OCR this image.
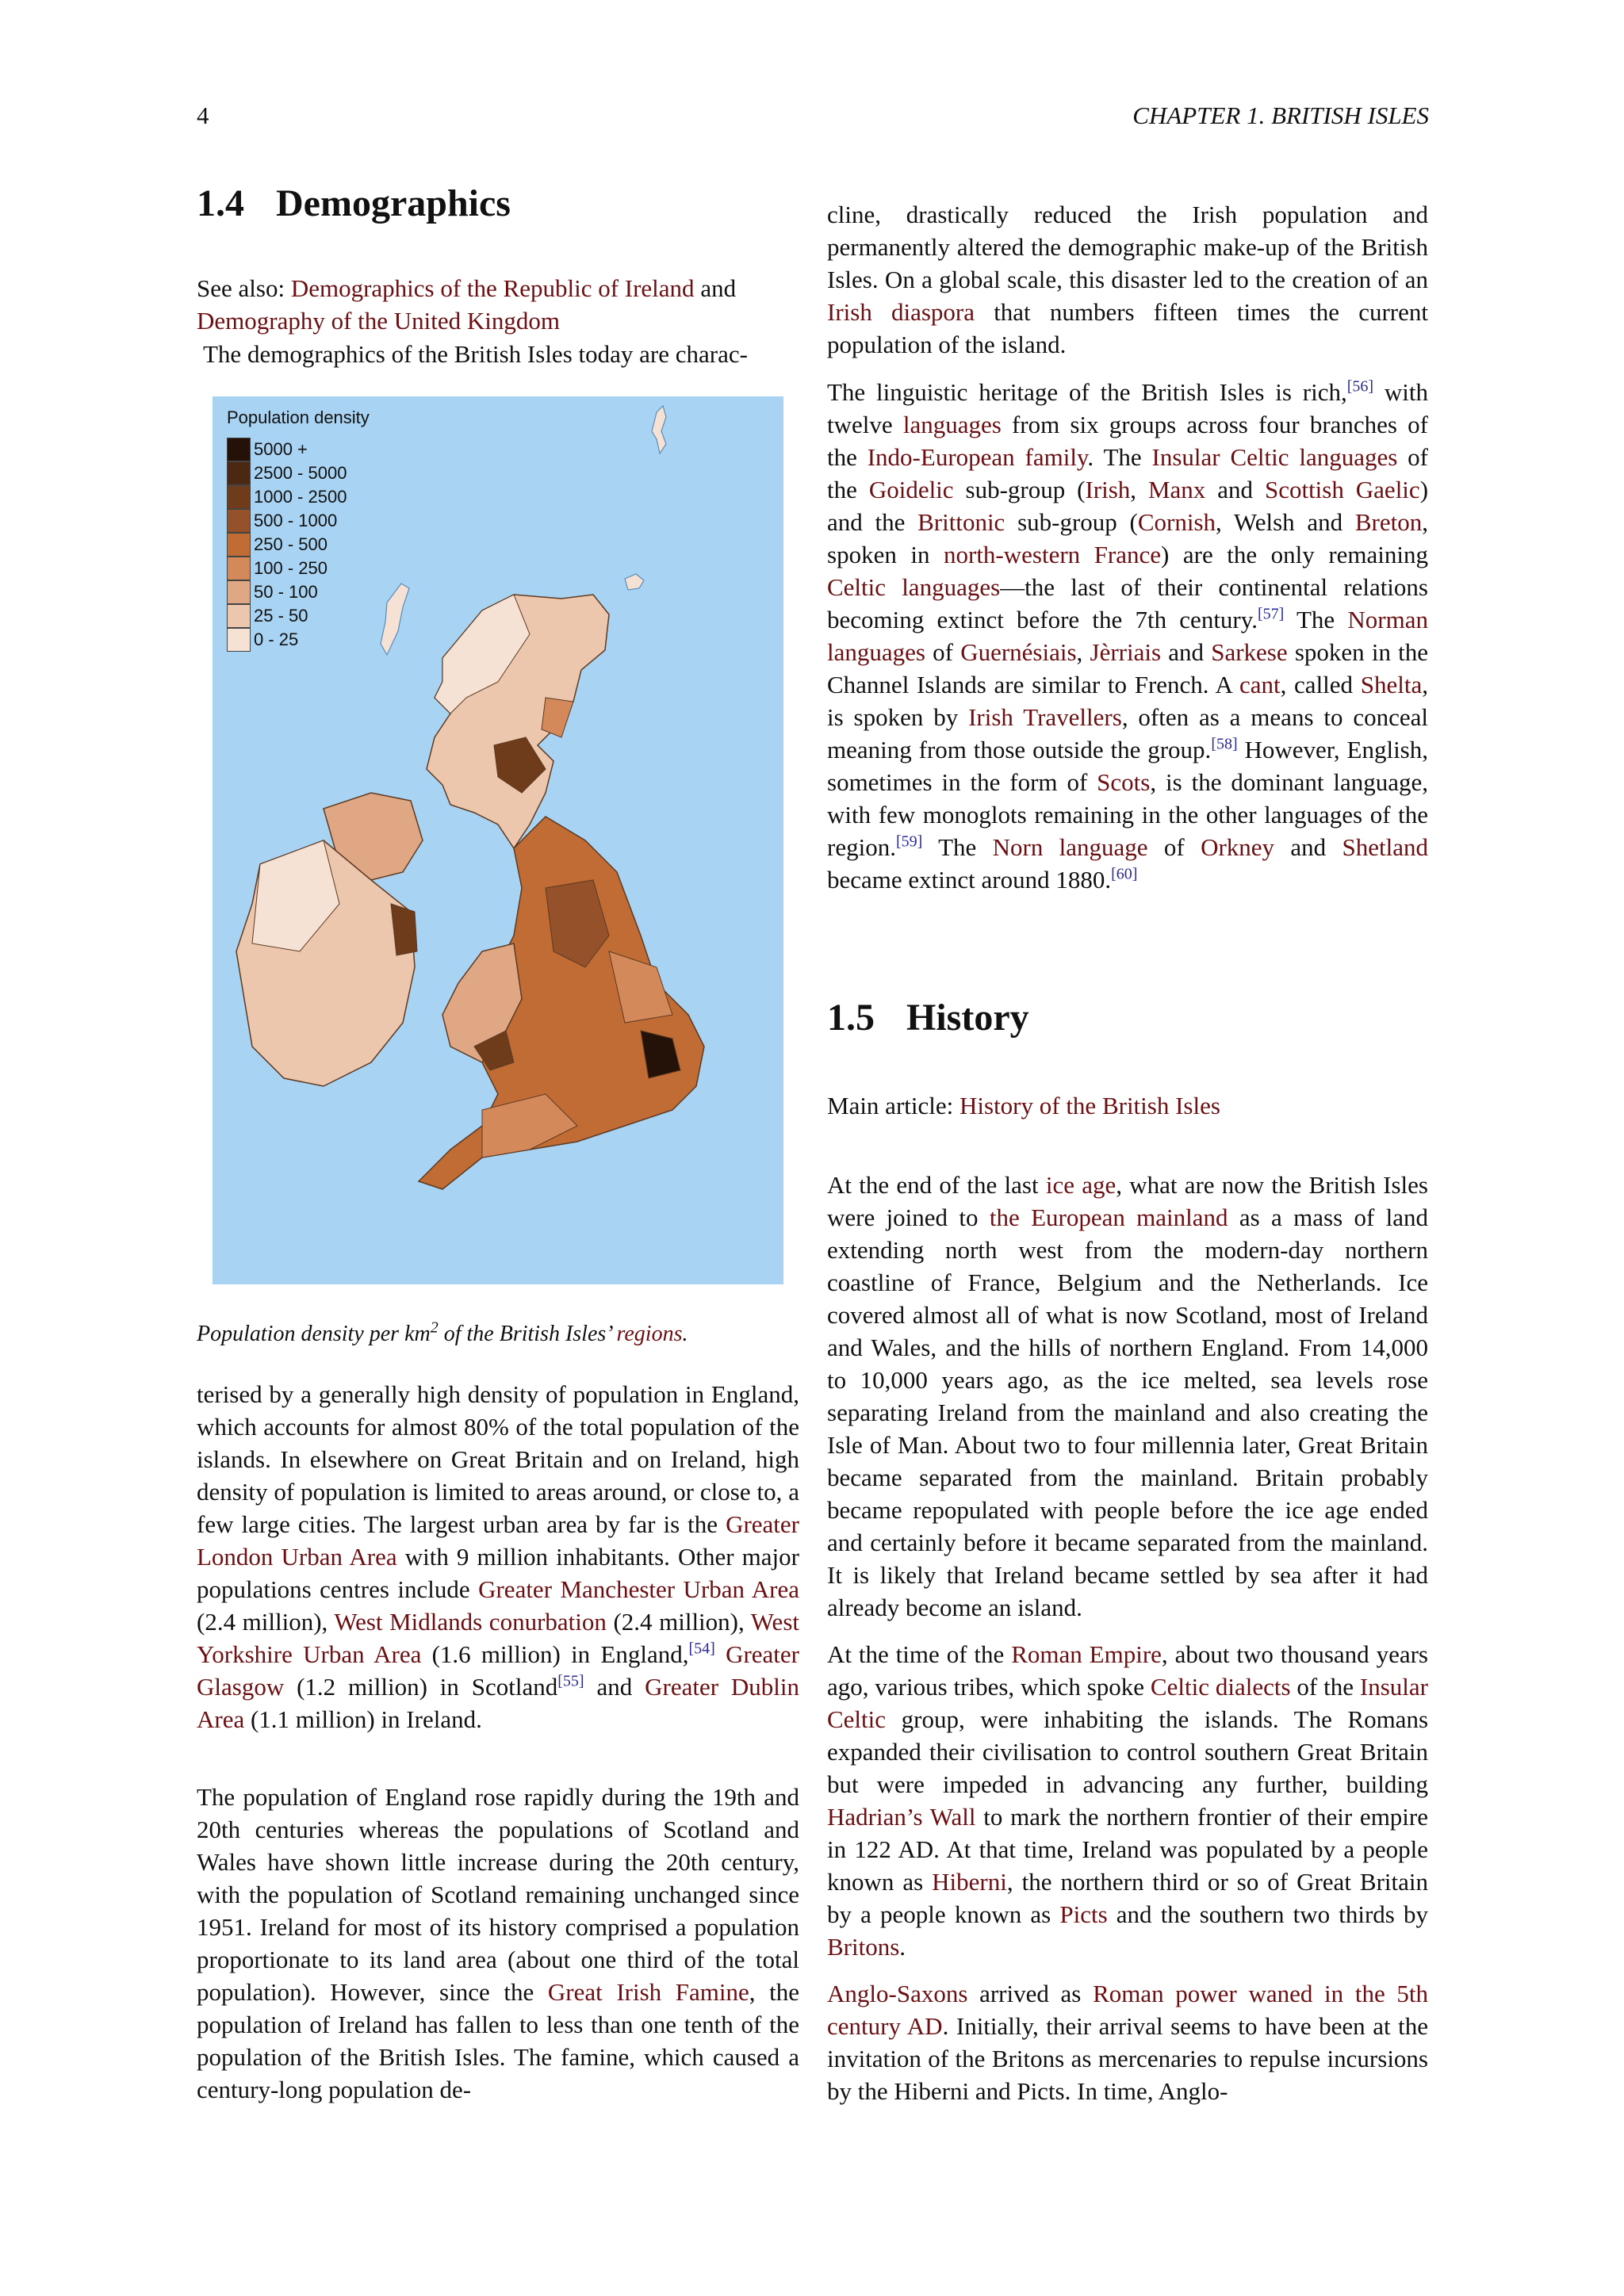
4	CHAPTER 1. BRITISH ISLES
1.4 Demographics
See also: Demographics of the Republic of Ireland and Demography of the United Kingdom
The demographics of the British Isles today are charac-
Population density
5000 +
2500 - 5000
1000 - 2500
500 - 1000
250 - 500
100 - 250
50 - 100
25 - 50
0 - 25
Population density per $km^2$ of the British Isles’ regions.

terised by a generally high density of population in England, which accounts for almost 80% of the total population of the islands. In elsewhere on Great Britain and on Ireland, high density of population is limited to areas around, or close to, a few large cities. The largest urban area by far is the Greater London Urban Area with 9 million inhabitants. Other major populations centres include Greater Manchester Urban Area (2.4 million), West Midlands conurbation (2.4 million), West Yorkshire Urban Area (1.6 million) in England,[54] Greater Glasgow (1.2 million) in Scotland[55] and Greater Dublin Area (1.1 million) in Ireland.

The population of England rose rapidly during the 19th and 20th centuries whereas the populations of Scotland and Wales have shown little increase during the 20th century, with the population of Scotland remaining unchanged since 1951. Ireland for most of its history comprised a population proportionate to its land area (about one third of the total population). However, since the Great Irish Famine, the population of Ireland has fallen to less than one tenth of the population of the British Isles. The famine, which caused a century-long population de-

cline, drastically reduced the Irish population and permanently altered the demographic make-up of the British Isles. On a global scale, this disaster led to the creation of an Irish diaspora that numbers fifteen times the current population of the island.

The linguistic heritage of the British Isles is rich,[56] with twelve languages from six groups across four branches of the Indo-European family. The Insular Celtic languages of the Goidelic sub-group (Irish, Manx and Scottish Gaelic) and the Brittonic sub-group (Cornish, Welsh and Breton, spoken in north-western France) are the only remaining Celtic languages—the last of their continental relations becoming extinct before the 7th century.[57] The Norman languages of Guernésiais, Jèrriais and Sarkese spoken in the Channel Islands are similar to French. A cant, called Shelta, is spoken by Irish Travellers, often as a means to conceal meaning from those outside the group.[58] However, English, sometimes in the form of Scots, is the dominant language, with few monoglots remaining in the other languages of the region.[59] The Norn language of Orkney and Shetland became extinct around 1880.[60]

1.5 History
Main article: History of the British Isles

At the end of the last ice age, what are now the British Isles were joined to the European mainland as a mass of land extending north west from the modern-day northern coastline of France, Belgium and the Netherlands. Ice covered almost all of what is now Scotland, most of Ireland and Wales, and the hills of northern England. From 14,000 to 10,000 years ago, as the ice melted, sea levels rose separating Ireland from the mainland and also creating the Isle of Man. About two to four millennia later, Great Britain became separated from the mainland. Britain probably became repopulated with people before the ice age ended and certainly before it became separated from the mainland. It is likely that Ireland became settled by sea after it had already become an island.

At the time of the Roman Empire, about two thousand years ago, various tribes, which spoke Celtic dialects of the Insular Celtic group, were inhabiting the islands. The Romans expanded their civilisation to control southern Great Britain but were impeded in advancing any further, building Hadrian’s Wall to mark the northern frontier of their empire in 122 AD. At that time, Ireland was populated by a people known as Hiberni, the northern third or so of Great Britain by a people known as Picts and the southern two thirds by Britons.

Anglo-Saxons arrived as Roman power waned in the 5th century AD. Initially, their arrival seems to have been at the invitation of the Britons as mercenaries to repulse incursions by the Hiberni and Picts. In time, Anglo-
